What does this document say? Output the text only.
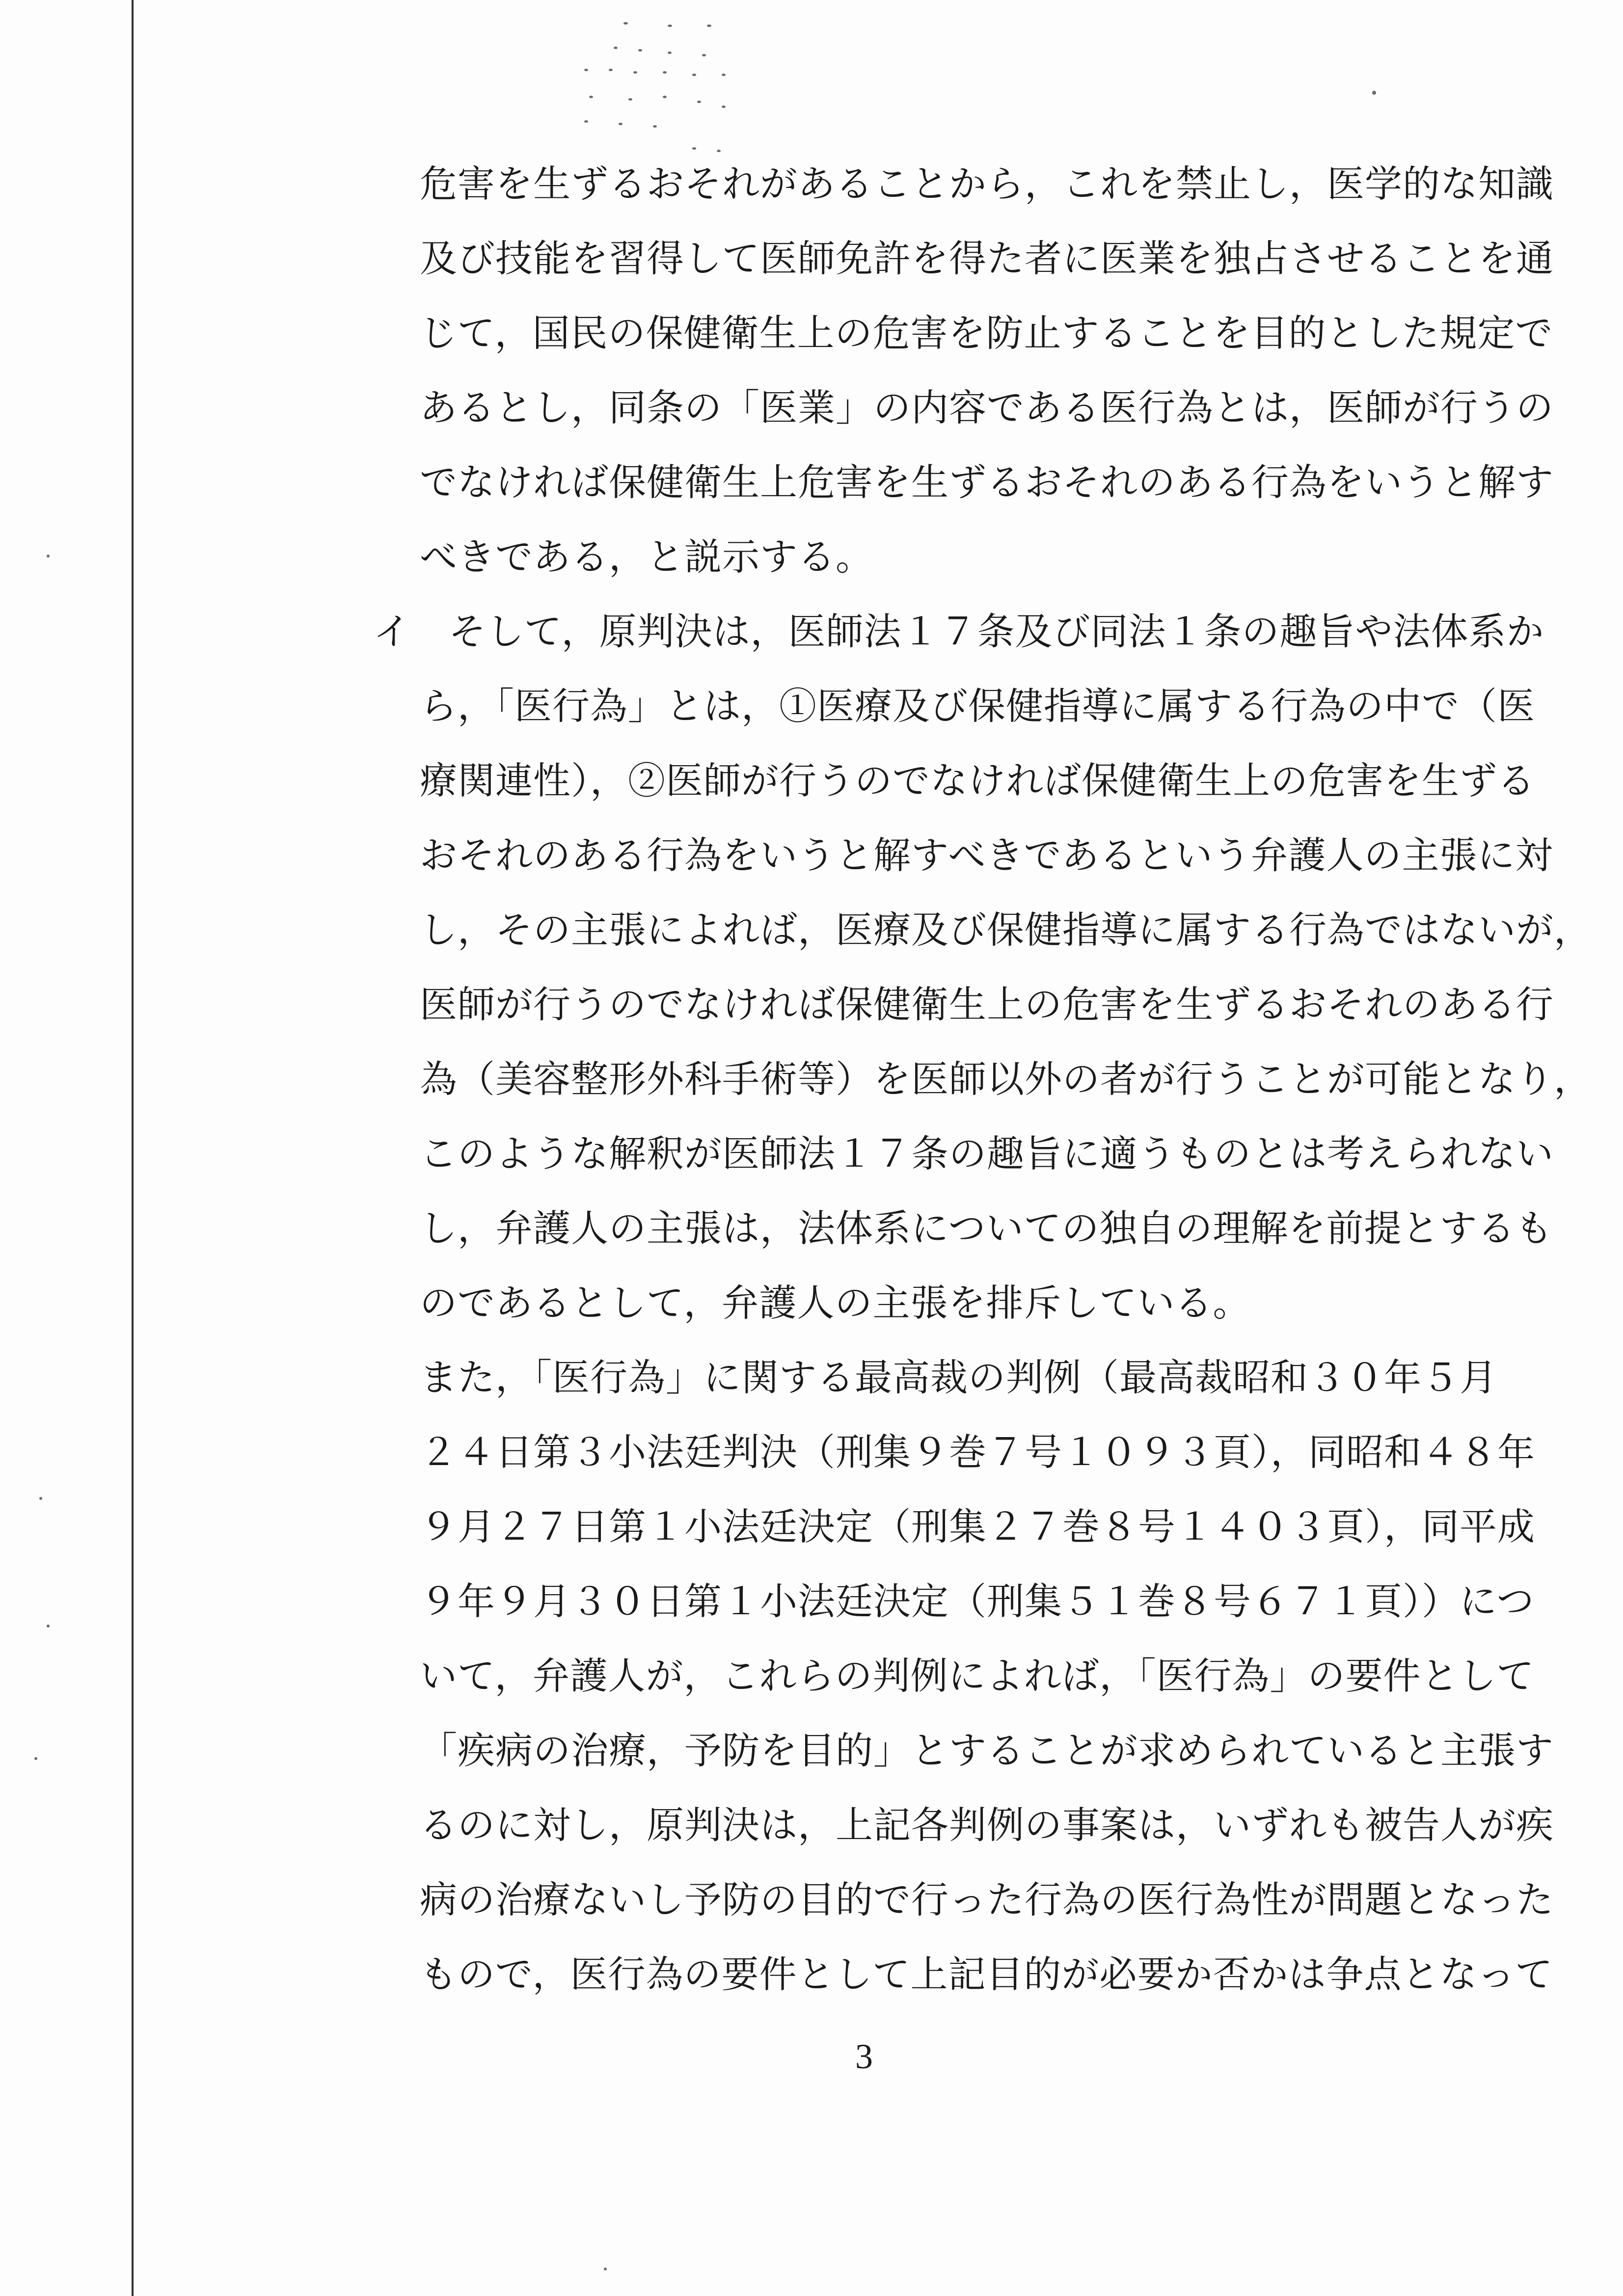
危害を生ずるおそれがあることから，これを禁止し，医学的な知識
及び技能を習得して医師免許を得た者に医業を独占させることを通
じて，国民の保健衛生上の危害を防止することを目的とした規定で
あるとし，同条の「医業」の内容である医行為とは，医師が行うの
でなければ保健衛生上危害を生ずるおそれのある行為をいうと解す
べきである，と説示する。
イ　そして，原判決は，医師法１７条及び同法１条の趣旨や法体系か
ら，「医行為」とは，①医療及び保健指導に属する行為の中で（医
療関連性），②医師が行うのでなければ保健衛生上の危害を生ずる
おそれのある行為をいうと解すべきであるという弁護人の主張に対
し，その主張によれば，医療及び保健指導に属する行為ではないが，
医師が行うのでなければ保健衛生上の危害を生ずるおそれのある行
為（美容整形外科手術等）を医師以外の者が行うことが可能となり，
このような解釈が医師法１７条の趣旨に適うものとは考えられない
し，弁護人の主張は，法体系についての独自の理解を前提とするも
のであるとして，弁護人の主張を排斥している。
また，「医行為」に関する最高裁の判例（最高裁昭和３０年５月
２４日第３小法廷判決（刑集９巻７号１０９３頁），同昭和４８年
９月２７日第１小法廷決定（刑集２７巻８号１４０３頁），同平成
９年９月３０日第１小法廷決定（刑集５１巻８号６７１頁））につ
いて，弁護人が，これらの判例によれば，「医行為」の要件として
「疾病の治療，予防を目的」とすることが求められていると主張す
るのに対し，原判決は，上記各判例の事案は，いずれも被告人が疾
病の治療ないし予防の目的で行った行為の医行為性が問題となった
もので，医行為の要件として上記目的が必要か否かは争点となって
3
